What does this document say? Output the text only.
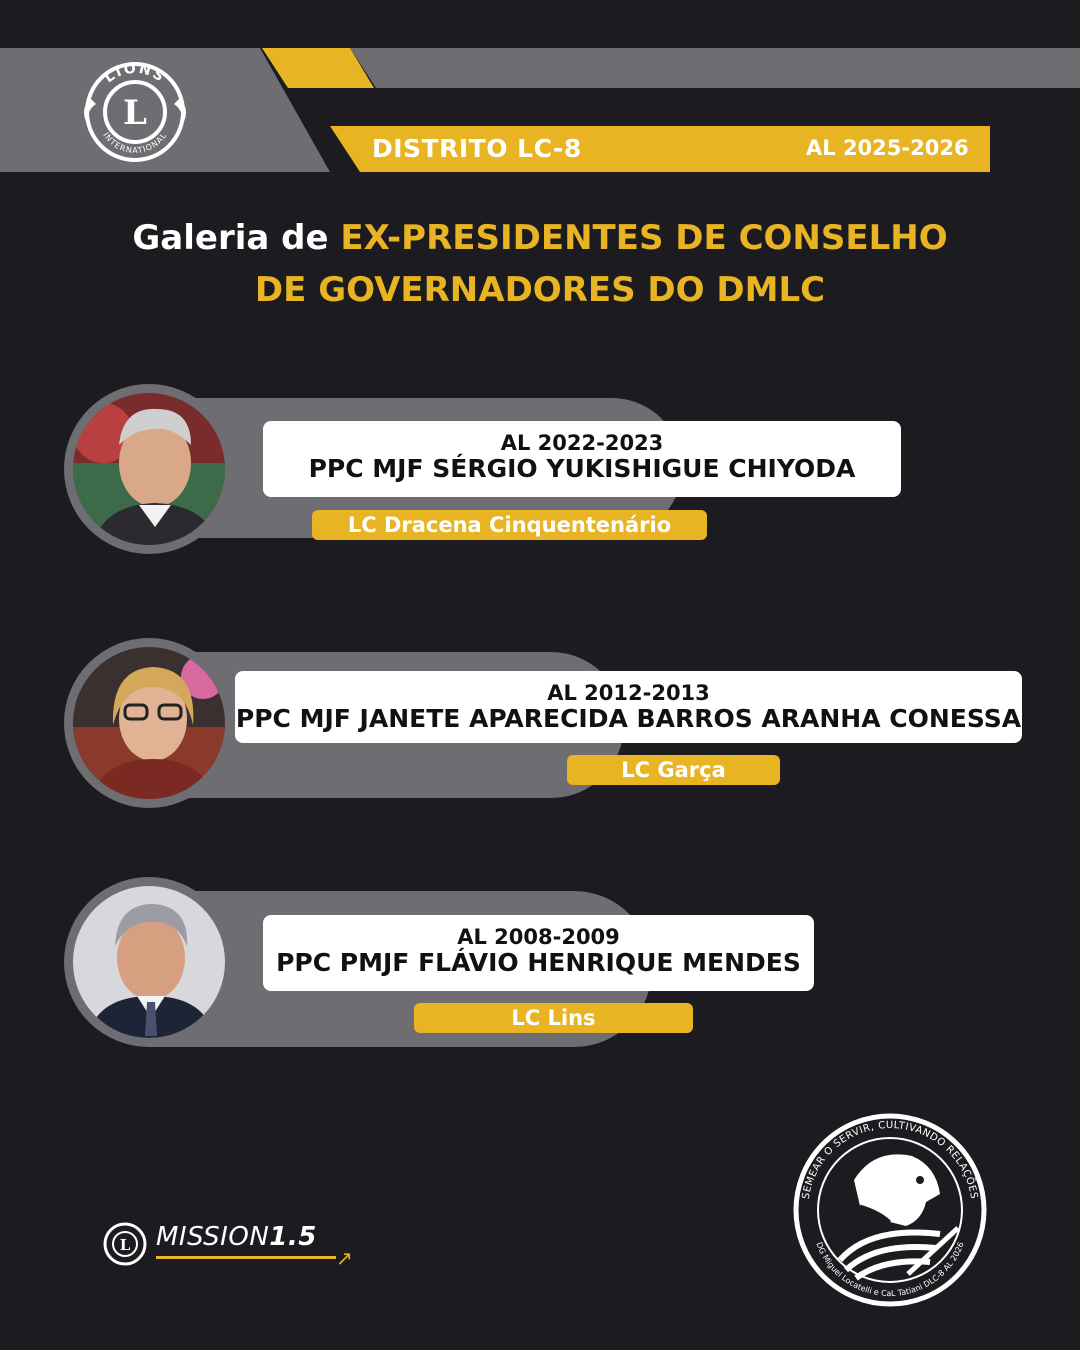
DISTRITO LC-8	AL 2025-2026
LIONS
INTERNATIONAL
L
Galeria de EX-PRESIDENTES DE CONSELHO
DE GOVERNADORES DO DMLC
AL 2022-2023
PPC MJF SÉRGIO YUKISHIGUE CHIYODA
LC Dracena Cinquentenário
AL 2012-2013
PPC MJF JANETE APARECIDA BARROS ARANHA CONESSA
LC Garça
AL 2008-2009
PPC PMJF FLÁVIO HENRIQUE MENDES
LC Lins
L MISSION1.5
↗
SEMEAR O SERVIR, CULTIVANDO RELAÇÕES
DG Miguel Locatelli e CaL Tatiani DLC-8 AL 2026
